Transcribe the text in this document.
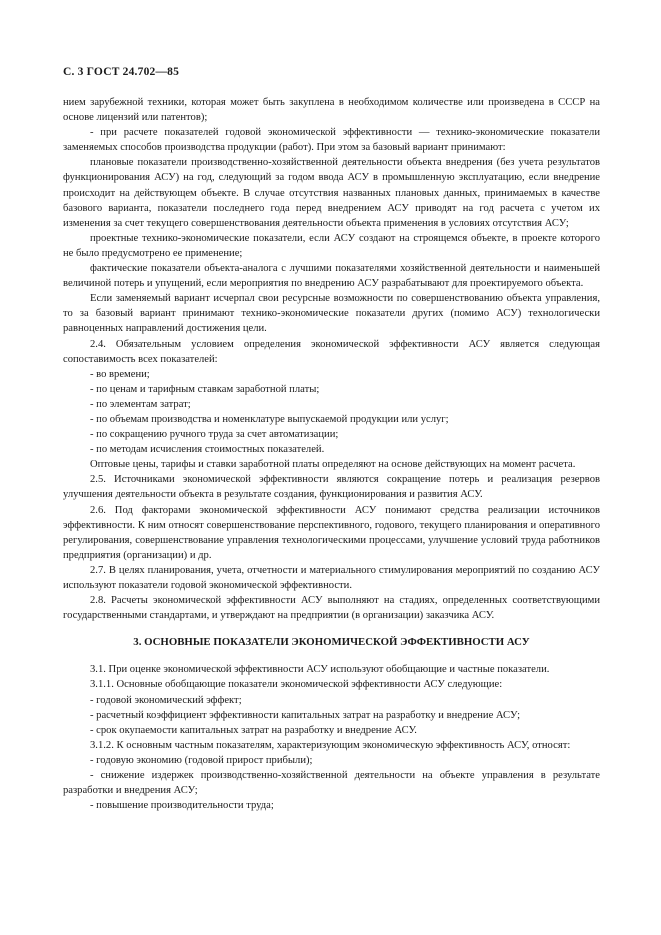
С. 3 ГОСТ 24.702—85

нием зарубежной техники, которая может быть закуплена в необходимом количестве или произведена в СССР на основе лицензий или патентов);

- при расчете показателей годовой экономической эффективности — технико-экономические показатели заменяемых способов производства продукции (работ). При этом за базовый вариант принимают:

плановые показатели производственно-хозяйственной деятельности объекта внедрения (без учета результатов функционирования АСУ) на год, следующий за годом ввода АСУ в промышленную эксплуатацию, если внедрение происходит на действующем объекте. В случае отсутствия названных плановых данных, принимаемых в качестве базового варианта, показатели последнего года перед внедрением АСУ приводят на год расчета с учетом их изменения за счет текущего совершенствования деятельности объекта применения в условиях отсутствия АСУ;

проектные технико-экономические показатели, если АСУ создают на строящемся объекте, в проекте которого не было предусмотрено ее применение;

фактические показатели объекта-аналога с лучшими показателями хозяйственной деятельности и наименьшей величиной потерь и упущений, если мероприятия по внедрению АСУ разрабатывают для проектируемого объекта.

Если заменяемый вариант исчерпал свои ресурсные возможности по совершенствованию объекта управления, то за базовый вариант принимают технико-экономические показатели других (помимо АСУ) технологически равноценных направлений достижения цели.

2.4. Обязательным условием определения экономической эффективности АСУ является следующая сопоставимость всех показателей:

- во времени;

- по ценам и тарифным ставкам заработной платы;

- по элементам затрат;

- по объемам производства и номенклатуре выпускаемой продукции или услуг;

- по сокращению ручного труда за счет автоматизации;

- по методам исчисления стоимостных показателей.

Оптовые цены, тарифы и ставки заработной платы определяют на основе действующих на момент расчета.

2.5. Источниками экономической эффективности являются сокращение потерь и реализация резервов улучшения деятельности объекта в результате создания, функционирования и развития АСУ.

2.6. Под факторами экономической эффективности АСУ понимают средства реализации источников эффективности. К ним относят совершенствование перспективного, годового, текущего планирования и оперативного регулирования, совершенствование управления технологическими процессами, улучшение условий труда работников предприятия (организации) и др.

2.7. В целях планирования, учета, отчетности и материального стимулирования мероприятий по созданию АСУ используют показатели годовой экономической эффективности.

2.8. Расчеты экономической эффективности АСУ выполняют на стадиях, определенных соответствующими государственными стандартами, и утверждают на предприятии (в организации) заказчика АСУ.

3. ОСНОВНЫЕ ПОКАЗАТЕЛИ ЭКОНОМИЧЕСКОЙ ЭФФЕКТИВНОСТИ АСУ

3.1. При оценке экономической эффективности АСУ используют обобщающие и частные показатели.

3.1.1. Основные обобщающие показатели экономической эффективности АСУ следующие:

- годовой экономический эффект;

- расчетный коэффициент эффективности капитальных затрат на разработку и внедрение АСУ;

- срок окупаемости капитальных затрат на разработку и внедрение АСУ.

3.1.2. К основным частным показателям, характеризующим экономическую эффективность АСУ, относят:

- годовую экономию (годовой прирост прибыли);

- снижение издержек производственно-хозяйственной деятельности на объекте управления в результате разработки и внедрения АСУ;

- повышение производительности труда;
